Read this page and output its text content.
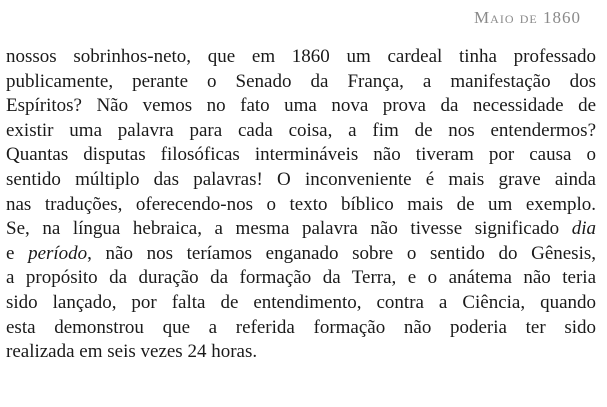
Maio de 1860
nossos sobrinhos-neto, que em 1860 um cardeal tinha professado
publicamente, perante o Senado da França, a manifestação dos
Espíritos? Não vemos no fato uma nova prova da necessidade de
existir uma palavra para cada coisa, a fim de nos entendermos?
Quantas disputas filosóficas intermináveis não tiveram por causa o
sentido múltiplo das palavras! O inconveniente é mais grave ainda
nas traduções, oferecendo-nos o texto bíblico mais de um exemplo.
Se, na língua hebraica, a mesma palavra não tivesse significado dia
e período, não nos teríamos enganado sobre o sentido do Gênesis,
a propósito da duração da formação da Terra, e o anátema não teria
sido lançado, por falta de entendimento, contra a Ciência, quando
esta demonstrou que a referida formação não poderia ter sido
realizada em seis vezes 24 horas.
